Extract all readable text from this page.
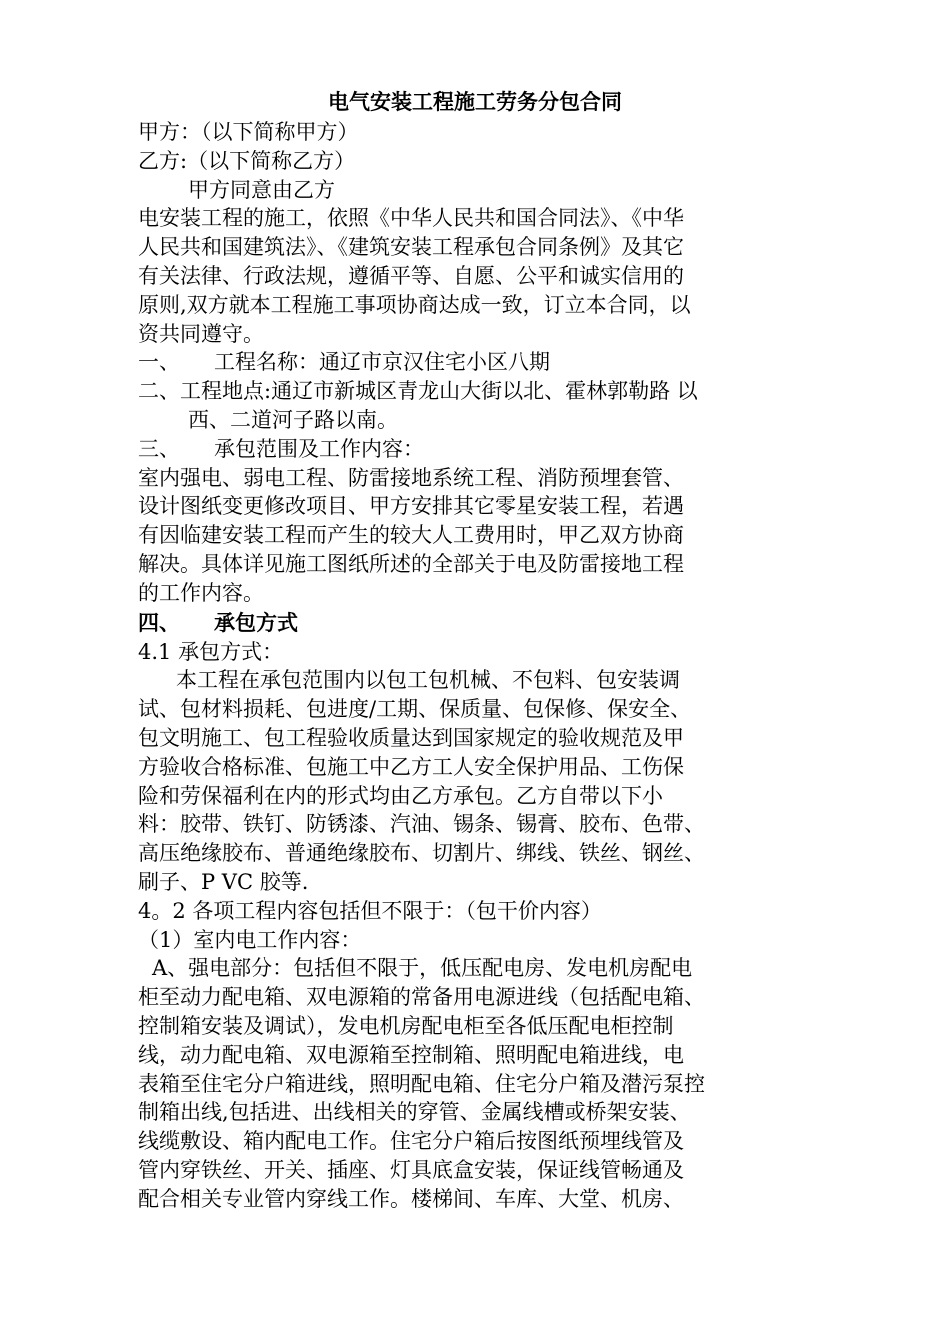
电气安装工程施工劳务分包合同

甲方：（以下简称甲方）

乙方:（以下简称乙方）

甲方同意由乙方

电安装工程的施工，依照《中华人民共和国合同法》、《中华

人民共和国建筑法》、《建筑安装工程承包合同条例》及其它

有关法律、行政法规，遵循平等、自愿、公平和诚实信用的

原则,双方就本工程施工事项协商达成一致，订立本合同，以

资共同遵守。

一、 工程名称：通辽市京汉住宅小区八期

二、工程地点:通辽市新城区青龙山大街以北、霍林郭勒路 以

西、二道河子路以南。

三、 承包范围及工作内容：

室内强电、弱电工程、防雷接地系统工程、消防预埋套管、

设计图纸变更修改项目、甲方安排其它零星安装工程，若遇

有因临建安装工程而产生的较大人工费用时，甲乙双方协商

解决。具体详见施工图纸所述的全部关于电及防雷接地工程

的工作内容。

四、 承包方式

4.1 承包方式：

本工程在承包范围内以包工包机械、不包料、包安装调

试、包材料损耗、包进度/工期、保质量、包保修、保安全、

包文明施工、包工程验收质量达到国家规定的验收规范及甲

方验收合格标准、包施工中乙方工人安全保护用品、工伤保

险和劳保福利在内的形式均由乙方承包。乙方自带以下小

料：胶带、铁钉、防锈漆、汽油、锡条、锡膏、胶布、色带、

高压绝缘胶布、普通绝缘胶布、切割片、绑线、铁丝、钢丝、

刷子、P VC 胶等.

4。2 各项工程内容包括但不限于：（包干价内容）

（1）室内电工作内容：

A、强电部分：包括但不限于，低压配电房、发电机房配电

柜至动力配电箱、双电源箱的常备用电源进线（包括配电箱、

控制箱安装及调试），发电机房配电柜至各低压配电柜控制

线，动力配电箱、双电源箱至控制箱、照明配电箱进线，电

表箱至住宅分户箱进线，照明配电箱、住宅分户箱及潜污泵控

制箱出线,包括进、出线相关的穿管、金属线槽或桥架安装、

线缆敷设、箱内配电工作。住宅分户箱后按图纸预埋线管及

管内穿铁丝、开关、插座、灯具底盒安装，保证线管畅通及

配合相关专业管内穿线工作。楼梯间、车库、大堂、机房、
